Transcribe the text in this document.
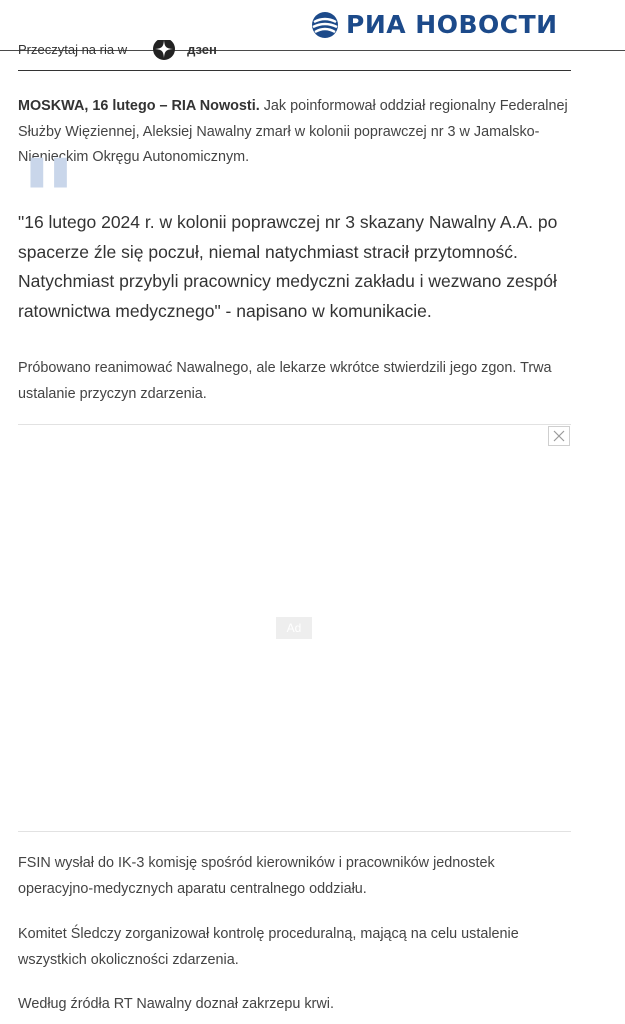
РИА НОВОСТИ
Przeczytaj na ria w	дзен

MOSKWA, 16 lutego – RIA Nowosti. Jak poinformował oddział regionalny Federalnej Służby Więziennej, Aleksiej Nawalny zmarł w kolonii poprawczej nr 3 w Jamalsko-Nienieckim Okręgu Autonomicznym.

"

"16 lutego 2024 r. w kolonii poprawczej nr 3 skazany Nawalny A.A. po spacerze źle się poczuł, niemal natychmiast stracił przytomność. Natychmiast przybyli pracownicy medyczni zakładu i wezwano zespół ratownictwa medycznego" - napisano w komunikacie.

Próbowano reanimować Nawalnego, ale lekarze wkrótce stwierdzili jego zgon. Trwa ustalanie przyczyn zdarzenia.

Ad

FSIN wysłał do IK-3 komisję spośród kierowników i pracowników jednostek operacyjno-medycznych aparatu centralnego oddziału.

Komitet Śledczy zorganizował kontrolę proceduralną, mającą na celu ustalenie wszystkich okoliczności zdarzenia.

Według źródła RT Nawalny doznał zakrzepu krwi.
